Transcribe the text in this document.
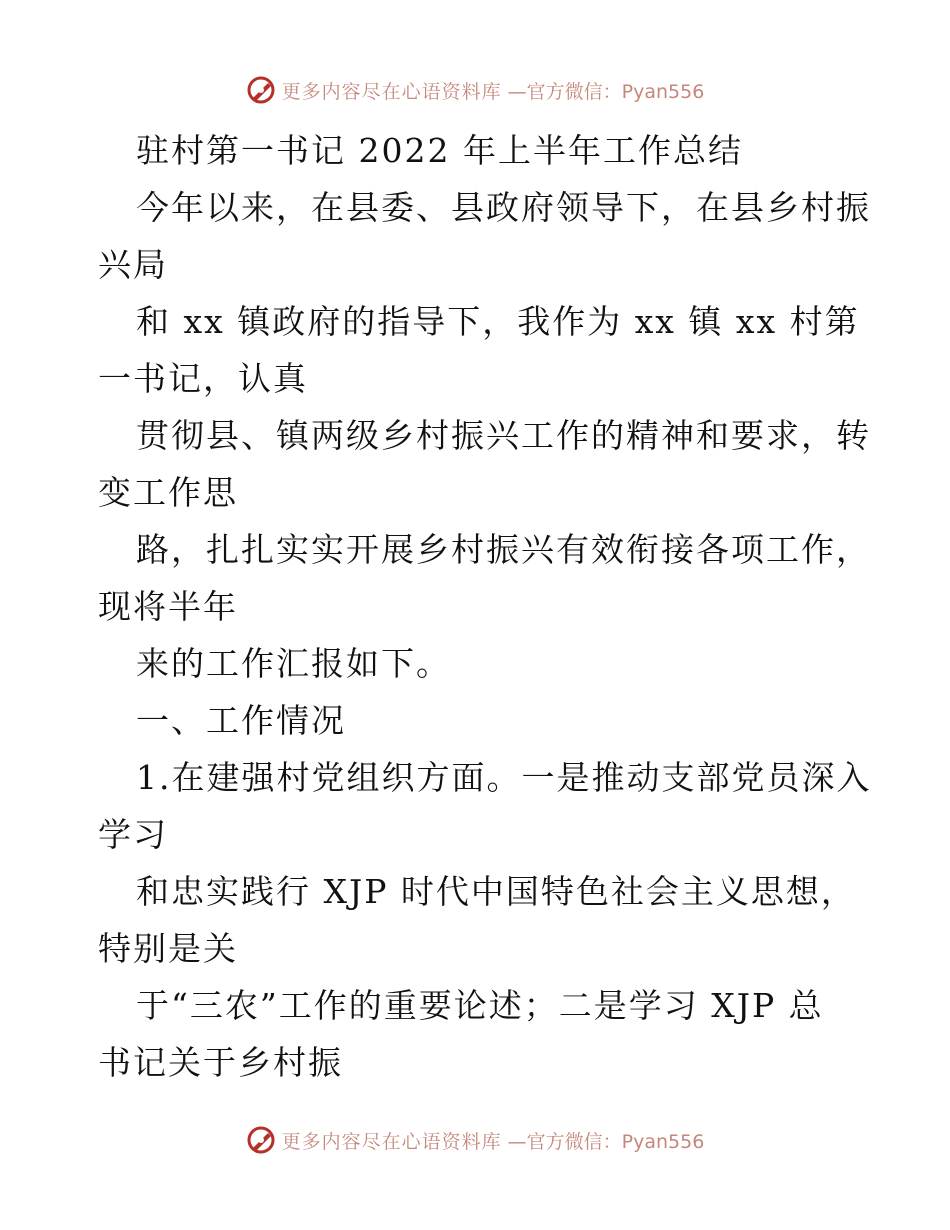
更多内容尽在心语资料库 —官方微信：Pyan556
驻村第一书记 2022 年上半年工作总结
今年以来，在县委、县政府领导下，在县乡村振
兴局
和 xx 镇政府的指导下，我作为 xx 镇 xx 村第
一书记，认真
贯彻县、镇两级乡村振兴工作的精神和要求，转
变工作思
路，扎扎实实开展乡村振兴有效衔接各项工作，
现将半年
来的工作汇报如下。
一、工作情况
1.在建强村党组织方面。一是推动支部党员深入
学习
和忠实践行 XJP 时代中国特色社会主义思想，
特别是关
于“三农”工作的重要论述；二是学习 XJP 总
书记关于乡村振
更多内容尽在心语资料库 —官方微信：Pyan556
